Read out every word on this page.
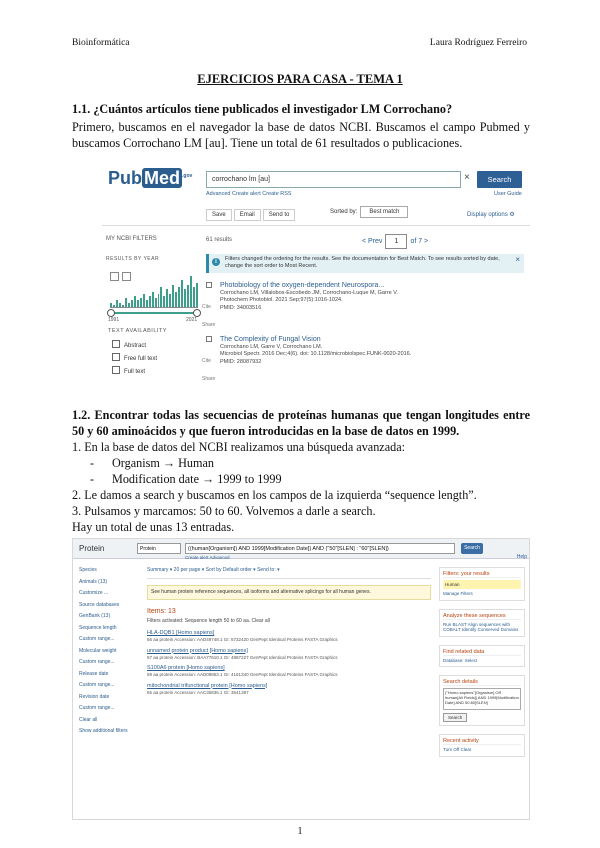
Bioinformática	Laura Rodríguez Ferreiro
EJERCICIOS PARA CASA - TEMA 1
1.1. ¿Cuántos artículos tiene publicados el investigador LM Corrochano?
Primero, buscamos en el navegador la base de datos NCBI. Buscamos el campo Pubmed y buscamos Corrochano LM [au]. Tiene un total de 61 resultados o publicaciones.
Pub Med $^{.gov}$	corrochano lm [au]	×	Search
Advanced Create alert Create RSS	User Guide
Save Email Send to	Sorted by: Best match	Display options ⚙
MY NCBI FILTERS
RESULTS BY YEAR
1991	2021
TEXT AVAILABILITY
Abstract
Free full text
Full text
61 results	< Prev 1 of 7 >
i	Filters changed the ordering for the results. See the documentation for Best Match. To see results sorted by date, change the sort order to Most Recent.
×
Cite
Share
Photobiology of the oxygen-dependent Neurospora...
Corrochano LM, Villalobos-Escobedo JM, Corrochano-Luque M, Garre V.
Photochem Photobiol. 2021 Sep;97(5):1016-1024.
PMID: 34003516
Cite
Share
The Complexity of Fungal Vision
Corrochano LM, Garre V, Corrochano LM.
Microbiol Spectr. 2016 Dec;4(6). doi: 10.1128/microbiolspec.FUNK-0020-2016.
PMID: 28087932
1.2. Encontrar todas las secuencias de proteínas humanas que tengan longitudes entre 50 y 60 aminoácidos y que fueron introducidas en la base de datos en 1999.
1. En la base de datos del NCBI realizamos una búsqueda avanzada:
- Organism → Human
- Modification date → 1999 to 1999
2. Le damos a search y buscamos en los campos de la izquierda “sequence length”.
3. Pulsamos y marcamos: 50 to 60. Volvemos a darle a search.
Hay un total de unas 13 entradas.
Protein	Protein	((human[Organism]) AND 1999[Modification Date]) AND ("50"[SLEN] : "60"[SLEN])	Search
Help
Create alert Advanced
Species
Animals (13)
Customize ...
Source databases
GenBank (13)
Sequence length
Custom range...
Molecular weight
Custom range...
Release date
Custom range...
Revision date
Custom range...
Clear all
Show additional filters
Summary ▾ 20 per page ▾ Sort by Default order ▾ Send to: ▾
See human protein reference sequences, all isoforms and alternative splicings for all human genes.
Items: 13
Filters activated: Sequence length 50 to 60 aa. Clear all
HLA-DQB1 [Homo sapiens]
56 aa protein Accession: AAD49748.1 GI: 5732420 GenPept Identical Proteins FASTA Graphics
unnamed protein product [Homo sapiens]
57 aa protein Accession: BAA77610.1 GI: 4887227 GenPept Identical Proteins FASTA Graphics
S100A6 protein [Homo sapiens]
59 aa protein Accession: AAD08853.1 GI: 4161340 GenPept Identical Proteins FASTA Graphics
mitochondrial trifunctional protein [Homo sapiens]
55 aa protein Accession: AAC35836.1 GI: 3641397
Filters: your results
Human
Manage Filters
Analyze these sequences
Run BLAST Align sequences with COBALT Identify Conserved Domains
Find related data
Database: Select
Search details
("Homo sapiens"[Organism] OR human[All Fields]) AND 1999[Modification Date] AND 50:60[SLEN]
Search
Recent activity
Turn Off Clear
1
